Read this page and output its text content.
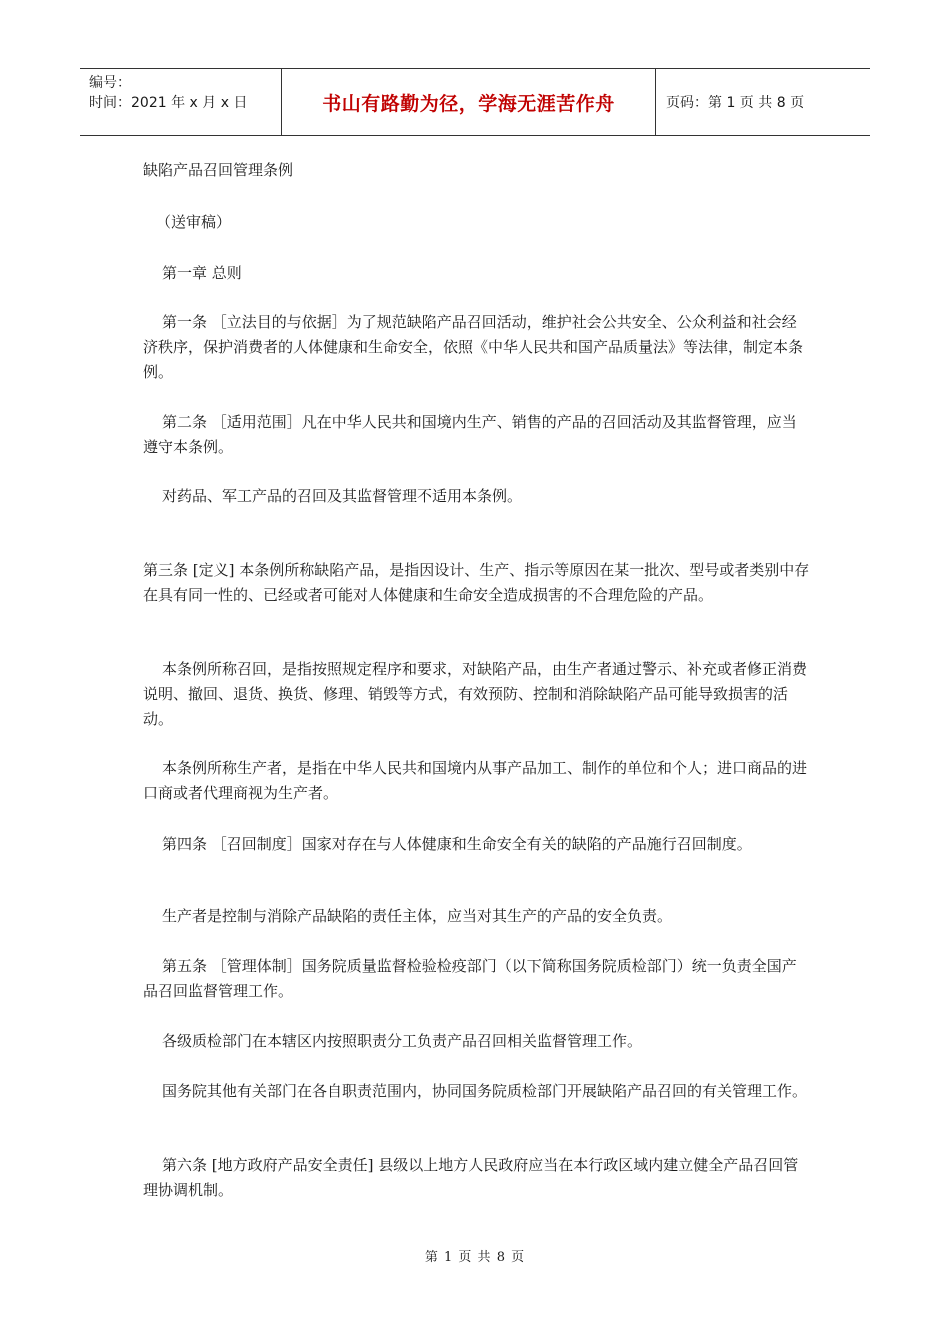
编号：
时间：2021 年 x 月 x 日	书山有路勤为径，学海无涯苦作舟	页码：第 1 页 共 8 页

缺陷产品召回管理条例

（送审稿）

第一章 总则

第一条 ［立法目的与依据］为了规范缺陷产品召回活动，维护社会公共安全、公众利益和社会经济秩序，保护消费者的人体健康和生命安全，依照《中华人民共和国产品质量法》等法律，制定本条例。

第二条 ［适用范围］凡在中华人民共和国境内生产、销售的产品的召回活动及其监督管理，应当遵守本条例。

对药品、军工产品的召回及其监督管理不适用本条例。

第三条 [定义] 本条例所称缺陷产品，是指因设计、生产、指示等原因在某一批次、型号或者类别中存在具有同一性的、已经或者可能对人体健康和生命安全造成损害的不合理危险的产品。

本条例所称召回，是指按照规定程序和要求，对缺陷产品，由生产者通过警示、补充或者修正消费说明、撤回、退货、换货、修理、销毁等方式，有效预防、控制和消除缺陷产品可能导致损害的活动。

本条例所称生产者，是指在中华人民共和国境内从事产品加工、制作的单位和个人；进口商品的进口商或者代理商视为生产者。

第四条 ［召回制度］国家对存在与人体健康和生命安全有关的缺陷的产品施行召回制度。

生产者是控制与消除产品缺陷的责任主体，应当对其生产的产品的安全负责。

第五条 ［管理体制］国务院质量监督检验检疫部门（以下简称国务院质检部门）统一负责全国产品召回监督管理工作。

各级质检部门在本辖区内按照职责分工负责产品召回相关监督管理工作。

国务院其他有关部门在各自职责范围内，协同国务院质检部门开展缺陷产品召回的有关管理工作。

第六条 [地方政府产品安全责任] 县级以上地方人民政府应当在本行政区域内建立健全产品召回管理协调机制。

第 1 页 共 8 页
